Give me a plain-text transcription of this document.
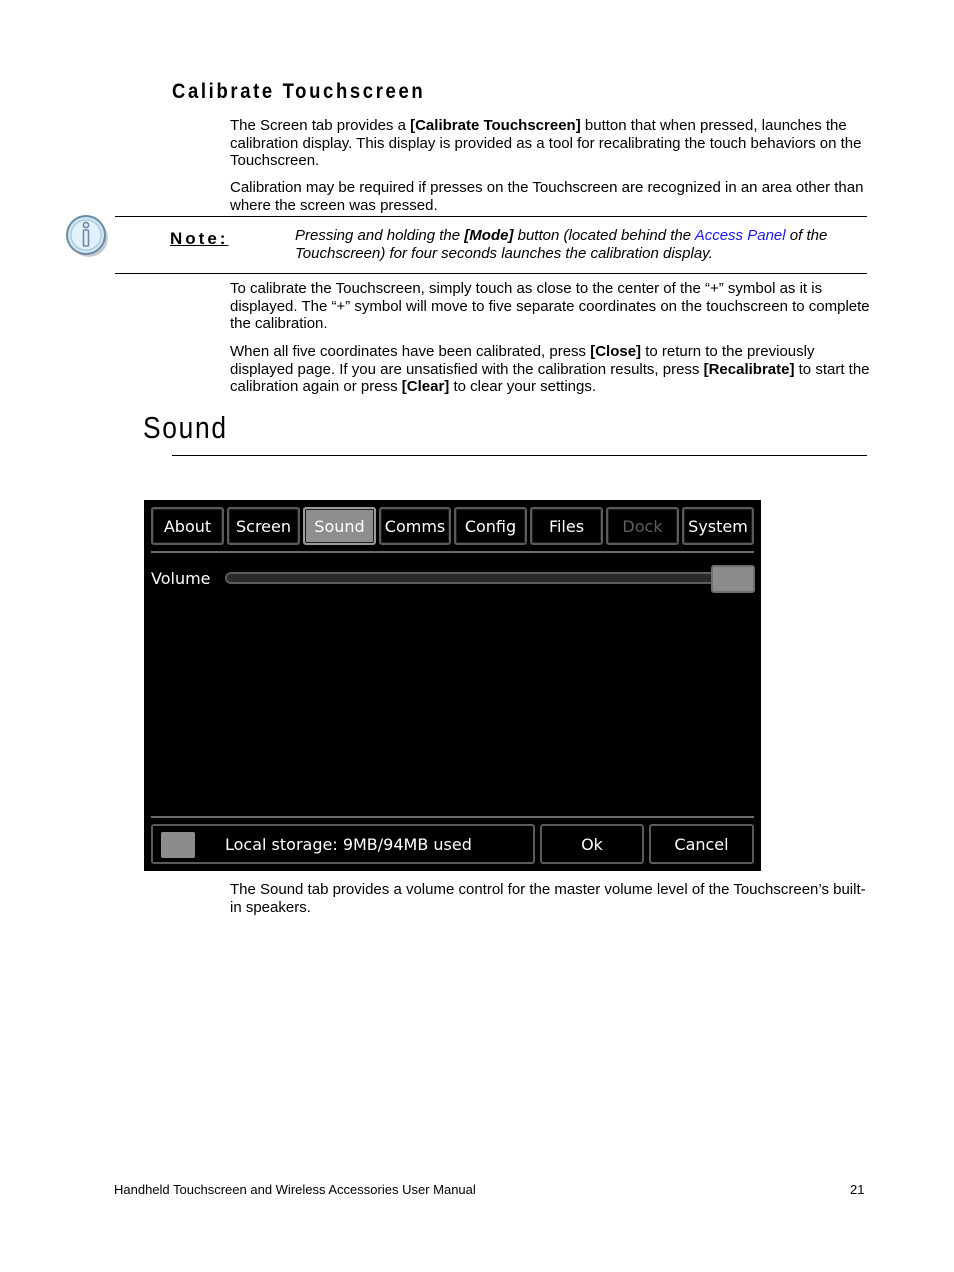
Calibrate Touchscreen
The Screen tab provides a [Calibrate Touchscreen] button that when pressed, launches the calibration display. This display is provided as a tool for recalibrating the touch behaviors on the Touchscreen.
Calibration may be required if presses on the Touchscreen are recognized in an area other than where the screen was pressed.
Note:	Pressing and holding the [Mode] button (located behind the Access Panel of the Touchscreen) for four seconds launches the calibration display.
To calibrate the Touchscreen, simply touch as close to the center of the “+” symbol as it is displayed. The “+” symbol will move to five separate coordinates on the touchscreen to complete the calibration.
When all five coordinates have been calibrated, press [Close] to return to the previously displayed page. If you are unsatisfied with the calibration results, press [Recalibrate] to start the calibration again or press [Clear] to clear your settings.
Sound
About	Screen	Sound	Comms	Config	Files	Dock	System
Volume
Local storage: 9MB/94MB used	Ok	Cancel
The Sound tab provides a volume control for the master volume level of the Touchscreen’s built-in speakers.
Handheld Touchscreen and Wireless Accessories User Manual	21
